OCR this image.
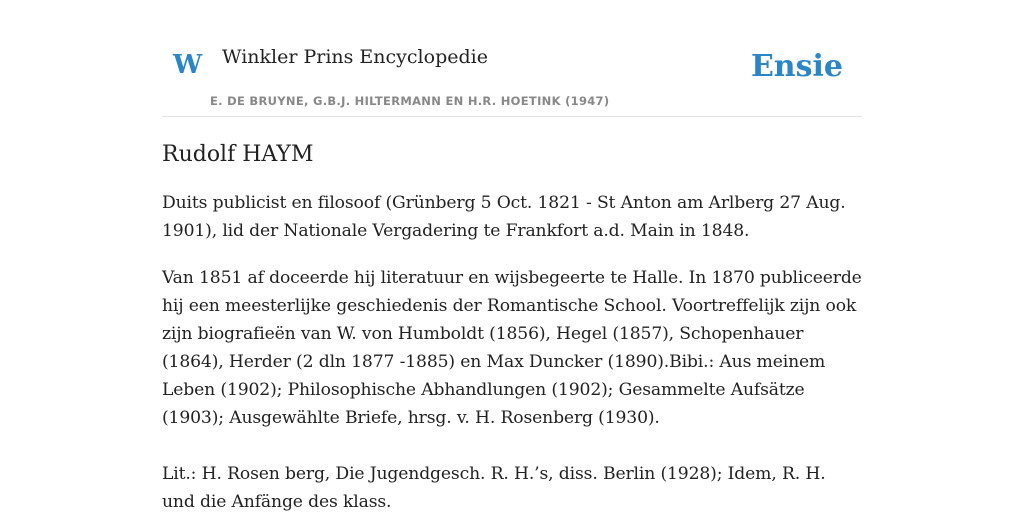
W Winkler Prins Encyclopedie
E. DE BRUYNE, G.B.J. HILTERMANN EN H.R. HOETINK (1947)
Ensie
Rudolf HAYM

Duits publicist en filosoof (Grünberg 5 Oct. 1821 - St Anton am Arlberg 27 Aug. 1901), lid der Nationale Vergadering te Frankfort a.d. Main in 1848.

Van 1851 af doceerde hij literatuur en wijsbegeerte te Halle. In 1870 publiceerde hij een meesterlijke geschiedenis der Romantische School. Voortreffelijk zijn ook zijn biografieën van W. von Humboldt (1856), Hegel (1857), Schopenhauer (1864), Herder (2 dln 1877 -1885) en Max Duncker (1890).Bibi.: Aus meinem Leben (1902); Philosophische Abhandlungen (1902); Gesammelte Aufsätze (1903); Ausgewählte Briefe, hrsg. v. H. Rosenberg (1930).

Lit.: H. Rosen berg, Die Jugendgesch. R. H.’s, diss. Berlin (1928); Idem, R. H. und die Anfänge des klass.
